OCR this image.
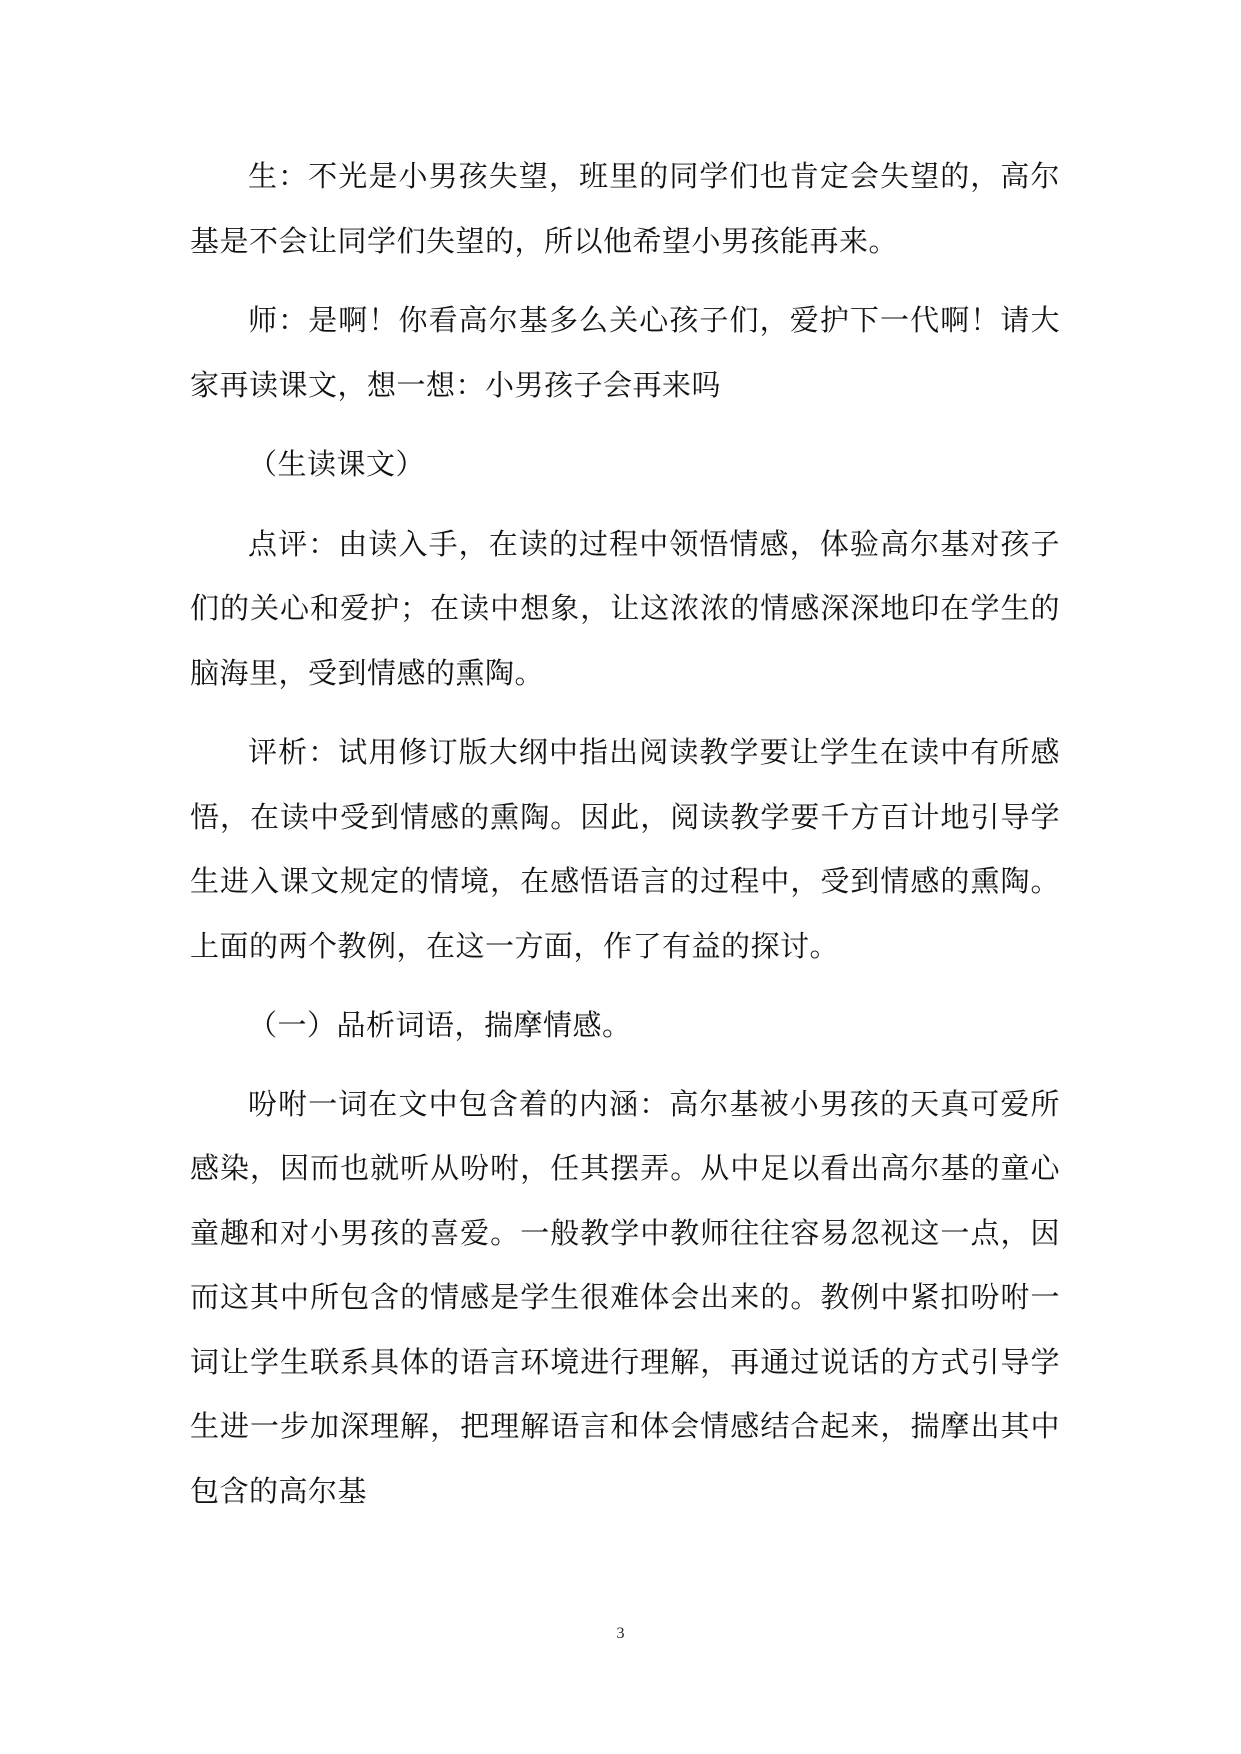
生：不光是小男孩失望，班里的同学们也肯定会失望的，高尔基是不会让同学们失望的，所以他希望小男孩能再来。

师：是啊！你看高尔基多么关心孩子们，爱护下一代啊！请大家再读课文，想一想：小男孩子会再来吗

（生读课文）

点评：由读入手，在读的过程中领悟情感，体验高尔基对孩子们的关心和爱护；在读中想象，让这浓浓的情感深深地印在学生的脑海里，受到情感的熏陶。

评析：试用修订版大纲中指出阅读教学要让学生在读中有所感悟，在读中受到情感的熏陶。因此，阅读教学要千方百计地引导学生进入课文规定的情境，在感悟语言的过程中，受到情感的熏陶。上面的两个教例，在这一方面，作了有益的探讨。

（一）品析词语，揣摩情感。

吩咐一词在文中包含着的内涵：高尔基被小男孩的天真可爱所感染，因而也就听从吩咐，任其摆弄。从中足以看出高尔基的童心童趣和对小男孩的喜爱。一般教学中教师往往容易忽视这一点，因而这其中所包含的情感是学生很难体会出来的。教例中紧扣吩咐一词让学生联系具体的语言环境进行理解，再通过说话的方式引导学生进一步加深理解，把理解语言和体会情感结合起来，揣摩出其中包含的高尔基

3
